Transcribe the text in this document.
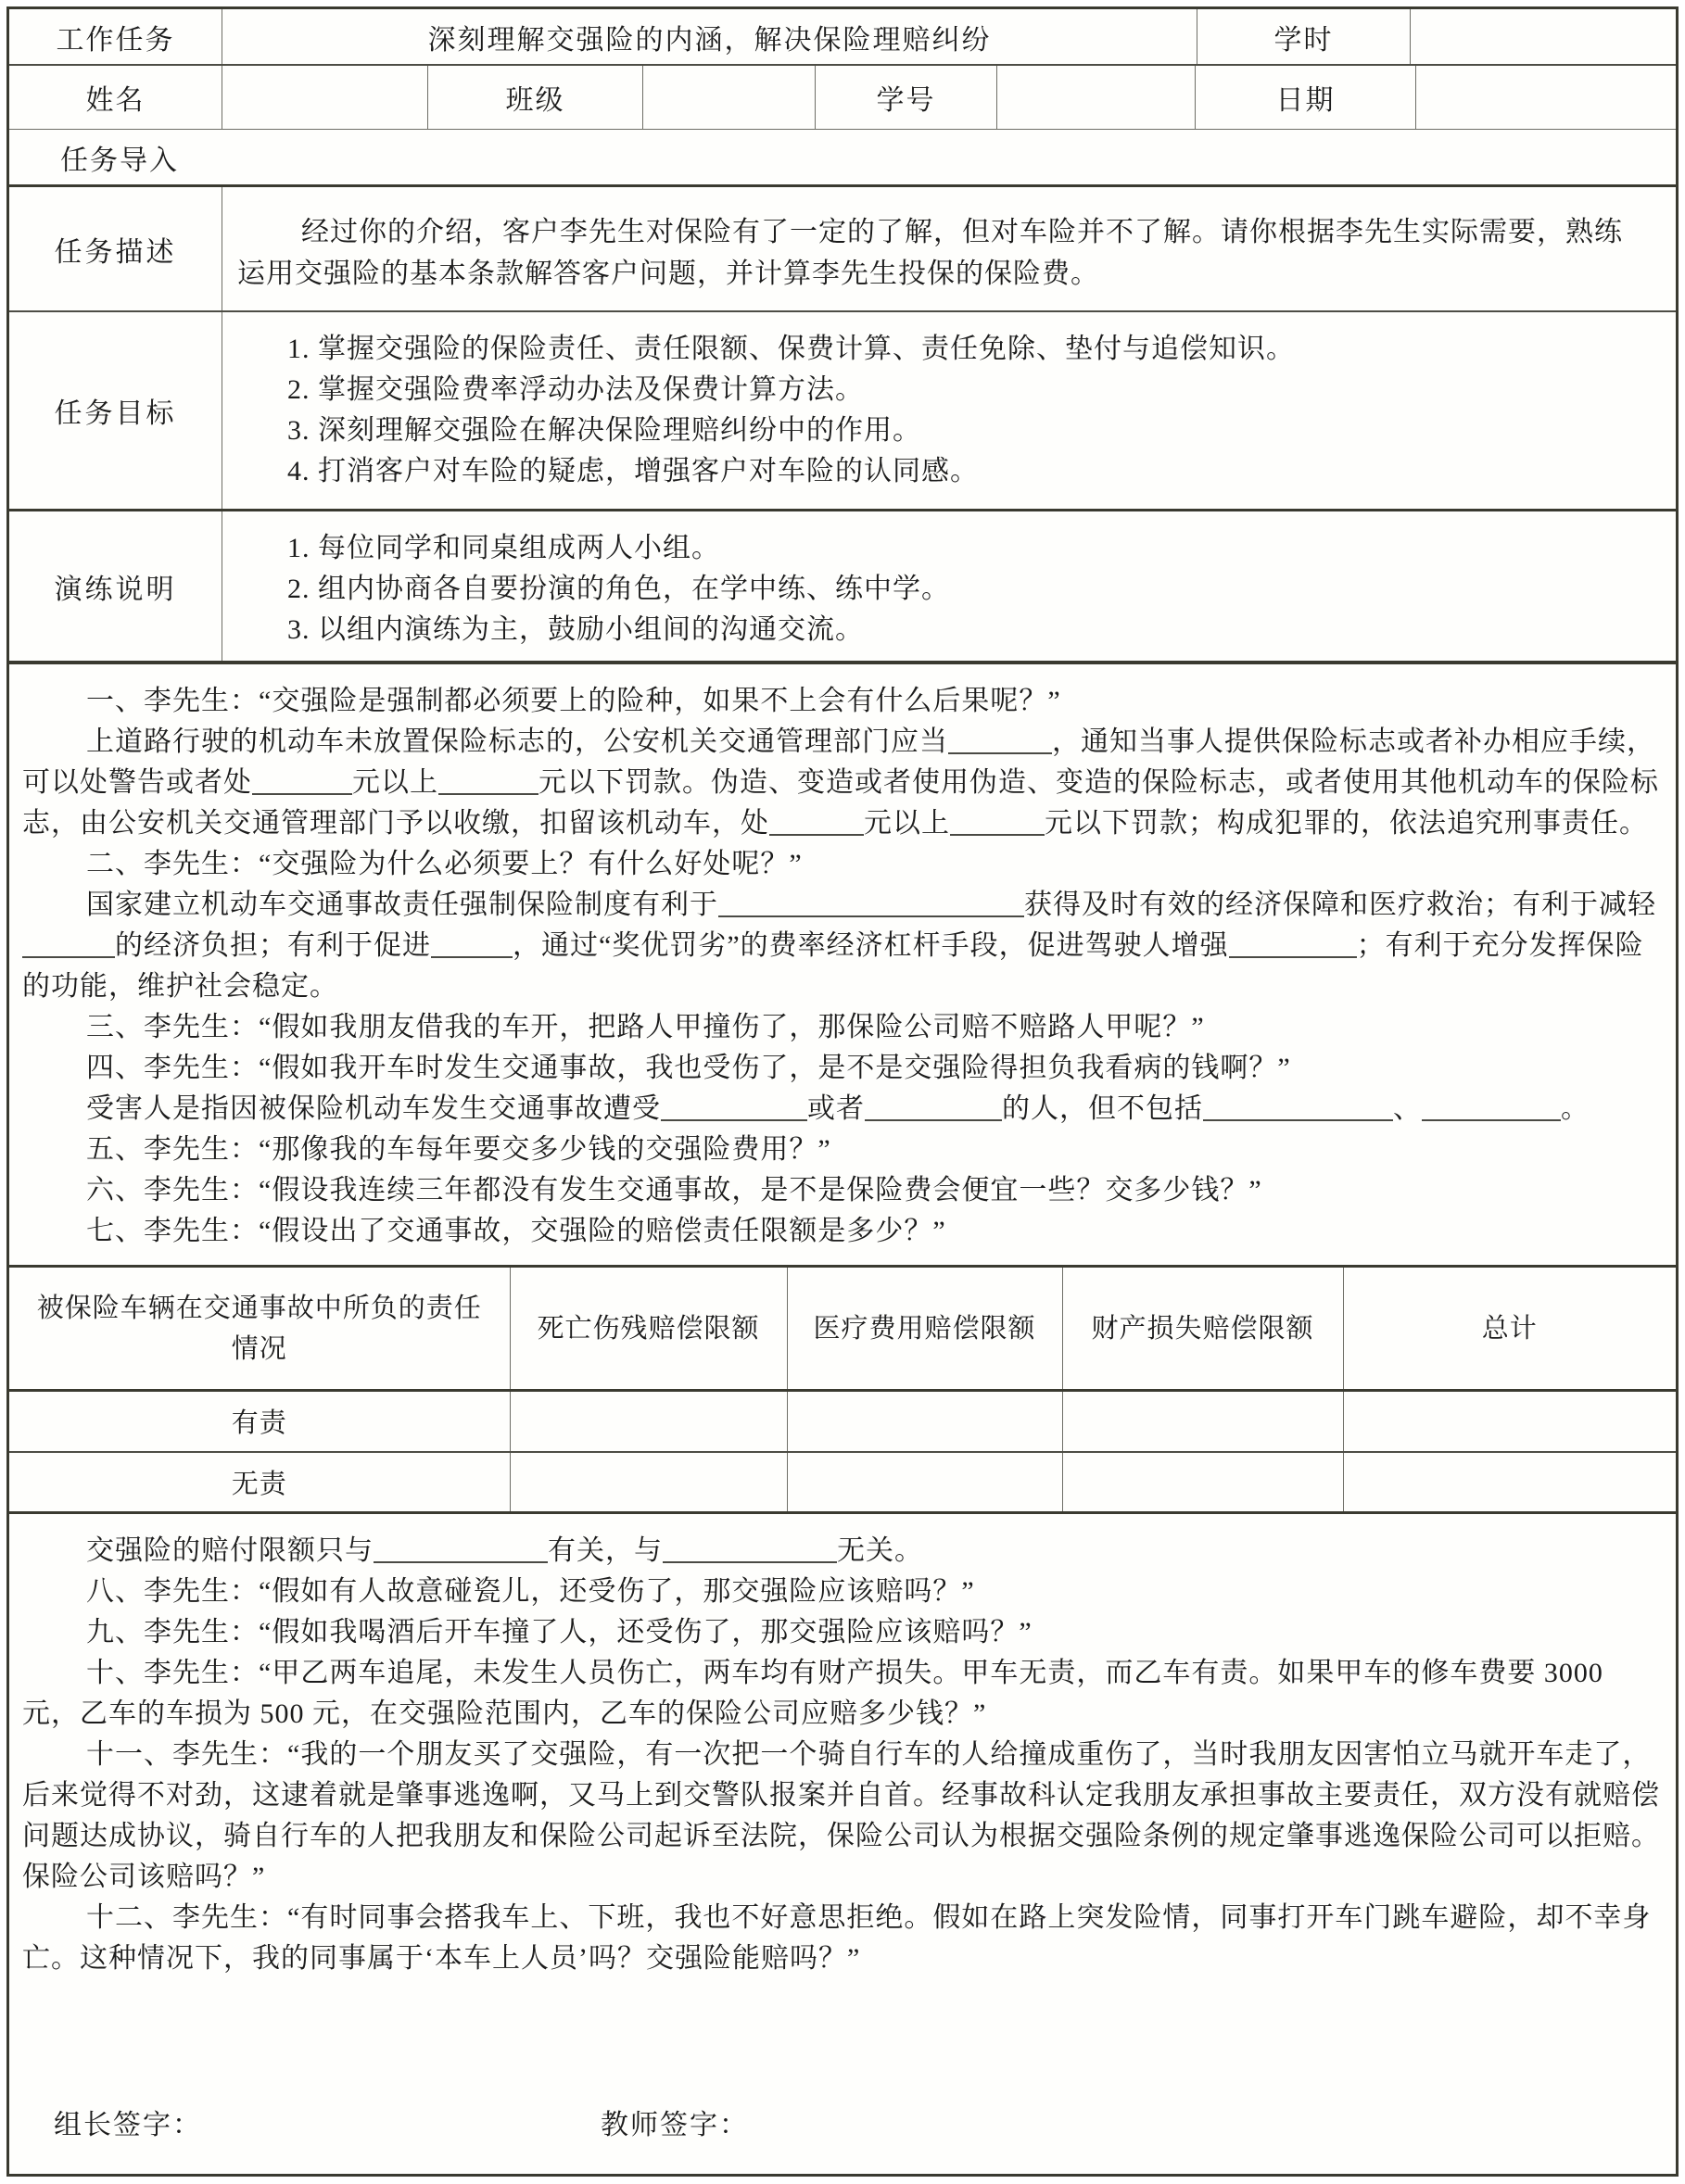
工作任务	深刻理解交强险的内涵，解决保险理赔纠纷	学时
姓名	班级	学号	日期
任务导入
任务描述
经过你的介绍，客户李先生对保险有了一定的了解，但对车险并不了解。请你根据李先生实际需要，熟练运用交强险的基本条款解答客户问题，并计算李先生投保的保险费。
任务目标
1. 掌握交强险的保险责任、责任限额、保费计算、责任免除、垫付与追偿知识。
2. 掌握交强险费率浮动办法及保费计算方法。
3. 深刻理解交强险在解决保险理赔纠纷中的作用。
4. 打消客户对车险的疑虑，增强客户对车险的认同感。
演练说明
1. 每位同学和同桌组成两人小组。
2. 组内协商各自要扮演的角色，在学中练、练中学。
3. 以组内演练为主，鼓励小组间的沟通交流。

一、李先生：“交强险是强制都必须要上的险种，如果不上会有什么后果呢？”

上道路行驶的机动车未放置保险标志的，公安机关交通管理部门应当	，通知当事人提供保险标志或者补办相应手续，可以处警告或者处	元以上	元以下罚款。伪造、变造或者使用伪造、变造的保险标志，或者使用其他机动车的保险标志，由公安机关交通管理部门予以收缴，扣留该机动车，处	元以上	元以下罚款；构成犯罪的，依法追究刑事责任。

二、李先生：“交强险为什么必须要上？有什么好处呢？”

国家建立机动车交通事故责任强制保险制度有利于	获得及时有效的经济保障和医疗救治；有利于减轻的经济负担；有利于促进	，通过“奖优罚劣”的费率经济杠杆手段，促进驾驶人增强	；有利于充分发挥保险的功能，维护社会稳定。

三、李先生：“假如我朋友借我的车开，把路人甲撞伤了，那保险公司赔不赔路人甲呢？”

四、李先生：“假如我开车时发生交通事故，我也受伤了，是不是交强险得担负我看病的钱啊？”

受害人是指因被保险机动车发生交通事故遭受	或者	的人，但不包括	、	。

五、李先生：“那像我的车每年要交多少钱的交强险费用？”

六、李先生：“假设我连续三年都没有发生交通事故，是不是保险费会便宜一些？交多少钱？”

七、李先生：“假设出了交通事故，交强险的赔偿责任限额是多少？”

被保险车辆在交通事故中所负的责任情况	死亡伤残赔偿限额	医疗费用赔偿限额	财产损失赔偿限额	总计
有责				
无责				

交强险的赔付限额只与	有关，与	无关。

八、李先生：“假如有人故意碰瓷儿，还受伤了，那交强险应该赔吗？”

九、李先生：“假如我喝酒后开车撞了人，还受伤了，那交强险应该赔吗？”

十、李先生：“甲乙两车追尾，未发生人员伤亡，两车均有财产损失。甲车无责，而乙车有责。如果甲车的修车费要 3000 元，乙车的车损为 500 元，在交强险范围内，乙车的保险公司应赔多少钱？”

十一、李先生：“我的一个朋友买了交强险，有一次把一个骑自行车的人给撞成重伤了，当时我朋友因害怕立马就开车走了，后来觉得不对劲，这逮着就是肇事逃逸啊，又马上到交警队报案并自首。经事故科认定我朋友承担事故主要责任，双方没有就赔偿问题达成协议，骑自行车的人把我朋友和保险公司起诉至法院，保险公司认为根据交强险条例的规定肇事逃逸保险公司可以拒赔。保险公司该赔吗？”

十二、李先生：“有时同事会搭我车上、下班，我也不好意思拒绝。假如在路上突发险情，同事打开车门跳车避险，却不幸身亡。这种情况下，我的同事属于‘本车上人员’吗？交强险能赔吗？”

组长签字：	教师签字：
